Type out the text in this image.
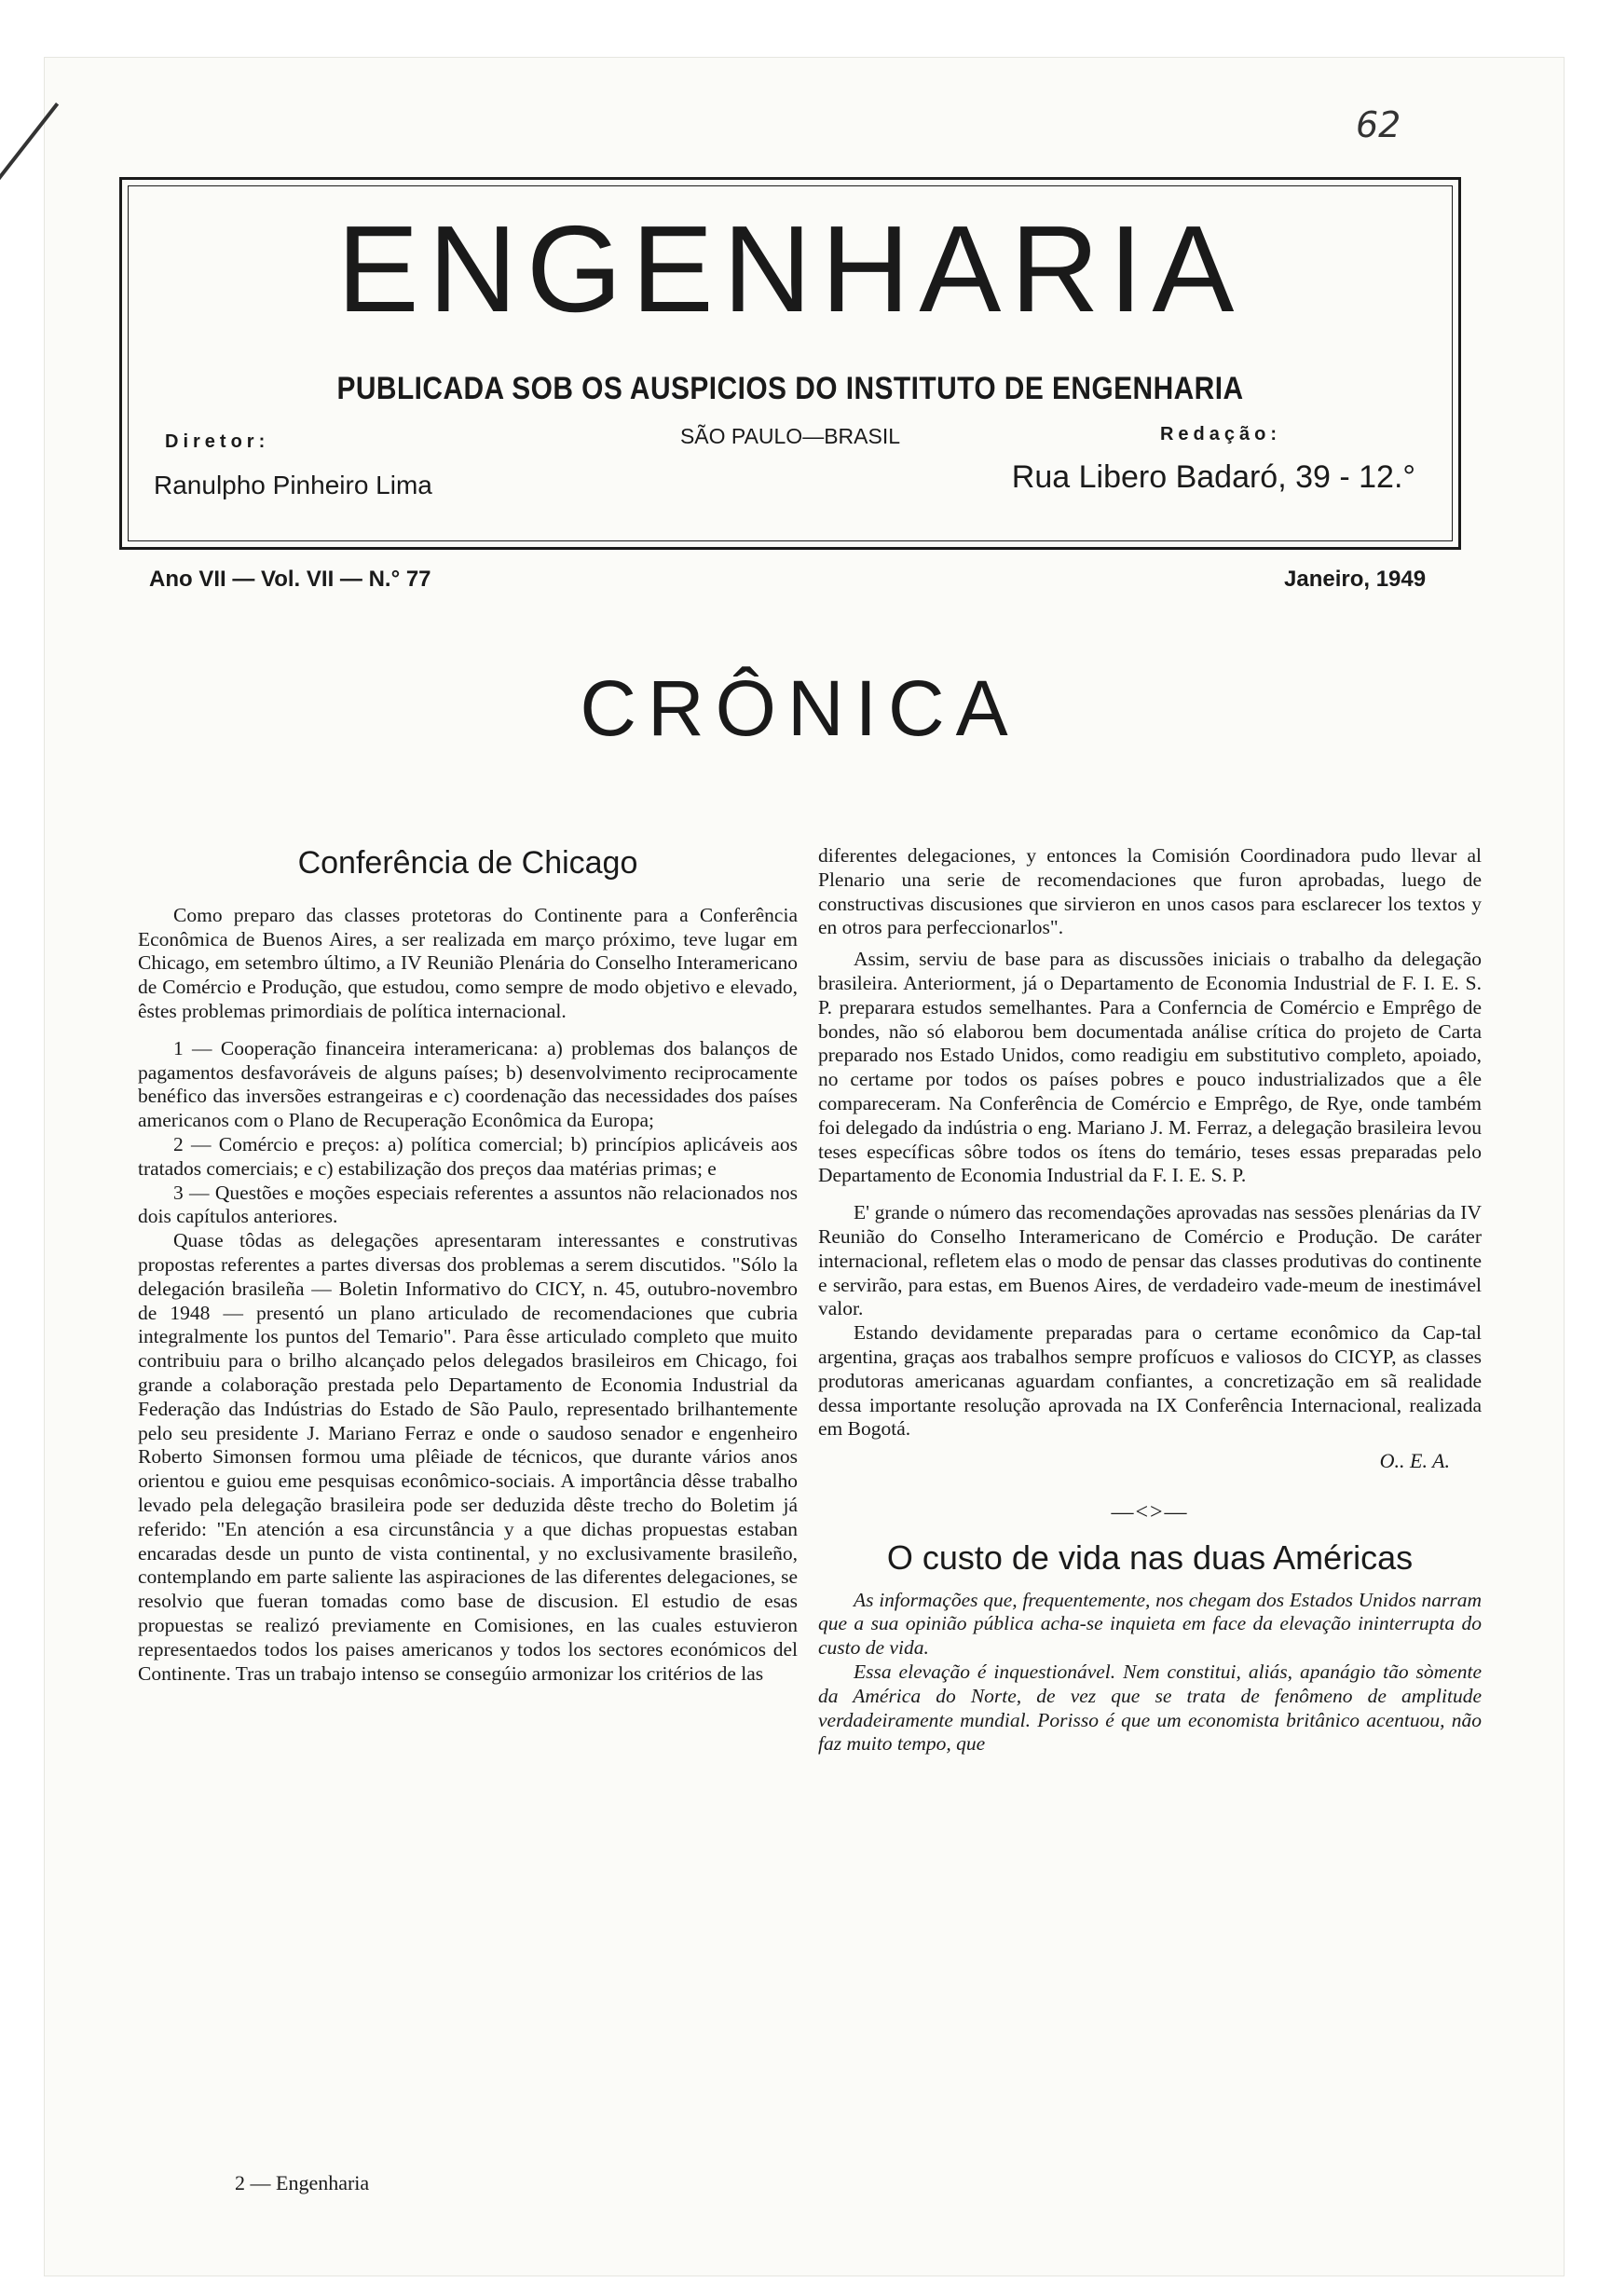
62
ENGENHARIA
PUBLICADA SOB OS AUSPICIOS DO INSTITUTO DE ENGENHARIA
Diretor:	SÃO PAULO—BRASIL	Redação:
Ranulpho Pinheiro Lima	Rua Libero Badaró, 39 - 12.°
Ano VII — Vol. VII — N.° 77	Janeiro, 1949
CRÔNICA
Conferência de Chicago

Como preparo das classes protetoras do Continente para a Conferência Econômica de Buenos Aires, a ser realizada em março próximo, teve lugar em Chicago, em setembro último, a IV Reunião Plenária do Conselho Interamericano de Comércio e Produção, que estudou, como sempre de modo objetivo e elevado, êstes problemas primordiais de política internacional.

1 — Cooperação financeira interamericana: a) problemas dos balanços de pagamentos desfavoráveis de alguns países; b) desenvolvimento reciprocamente benéfico das inversões estrangeiras e c) coordenação das necessidades dos países americanos com o Plano de Recuperação Econômica da Europa;

2 — Comércio e preços: a) política comercial; b) princípios aplicáveis aos tratados comerciais; e c) estabilização dos preços daa matérias primas; e

3 — Questões e moções especiais referentes a assuntos não relacionados nos dois capítulos anteriores.

Quase tôdas as delegações apresentaram interessantes e construtivas propostas referentes a partes diversas dos problemas a serem discutidos. "Sólo la delegación brasileña — Boletin Informativo do CICY, n. 45, outubro-novembro de 1948 — presentó un plano articulado de recomendaciones que cubria integralmente los puntos del Temario". Para êsse articulado completo que muito contribuiu para o brilho alcançado pelos delegados brasileiros em Chicago, foi grande a colaboração prestada pelo Departamento de Economia Industrial da Federação das Indústrias do Estado de São Paulo, representado brilhantemente pelo seu presidente J. Mariano Ferraz e onde o saudoso senador e engenheiro Roberto Simonsen formou uma plêiade de técnicos, que durante vários anos orientou e guiou eme pesquisas econômico-sociais. A importância dêsse trabalho levado pela delegação brasileira pode ser deduzida dêste trecho do Boletim já referido: "En atención a esa circunstância y a que dichas propuestas estaban encaradas desde un punto de vista continental, y no exclusivamente brasileño, contemplando em parte saliente las aspiraciones de las diferentes delegaciones, se resolvio que fueran tomadas como base de discusion. El estudio de esas propuestas se realizó previamente en Comisiones, en las cuales estuvieron representaedos todos los paises americanos y todos los sectores económicos del Continente. Tras un trabajo intenso se consegúio armonizar los critérios de las

diferentes delegaciones, y entonces la Comisión Coordinadora pudo llevar al Plenario una serie de recomendaciones que furon aprobadas, luego de constructivas discusiones que sirvieron en unos casos para esclarecer los textos y en otros para perfeccionarlos".

Assim, serviu de base para as discussões iniciais o trabalho da delegação brasileira. Anteriorment, já o Departamento de Economia Industrial de F. I. E. S. P. preparara estudos semelhantes. Para a Conferncia de Comércio e Emprêgo de bondes, não só elaborou bem documentada análise crítica do projeto de Carta preparado nos Estado Unidos, como readigiu em substitutivo completo, apoiado, no certame por todos os países pobres e pouco industrializados que a êle compareceram. Na Conferência de Comércio e Emprêgo, de Rye, onde também foi delegado da indústria o eng. Mariano J. M. Ferraz, a delegação brasileira levou teses específicas sôbre todos os ítens do temário, teses essas preparadas pelo Departamento de Economia Industrial da F. I. E. S. P.

E' grande o número das recomendações aprovadas nas sessões plenárias da IV Reunião do Conselho Interamericano de Comércio e Produção. De caráter internacional, refletem elas o modo de pensar das classes produtivas do continente e servirão, para estas, em Buenos Aires, de verdadeiro vade-meum de inestimável valor.

Estando devidamente preparadas para o certame econômico da Cap-tal argentina, graças aos trabalhos sempre profícuos e valiosos do CICYP, as classes produtoras americanas aguardam confiantes, a concretização em sã realidade dessa importante resolução aprovada na IX Conferência Internacional, realizada em Bogotá.

O.. E. A.
—<>—
O custo de vida nas duas Américas

As informações que, frequentemente, nos chegam dos Estados Unidos narram que a sua opinião pública acha-se inquieta em face da elevação ininterrupta do custo de vida.

Essa elevação é inquestionável. Nem constitui, aliás, apanágio tão sòmente da América do Norte, de vez que se trata de fenômeno de amplitude verdadeiramente mundial. Porisso é que um economista britânico acentuou, não faz muito tempo, que

2 — Engenharia
